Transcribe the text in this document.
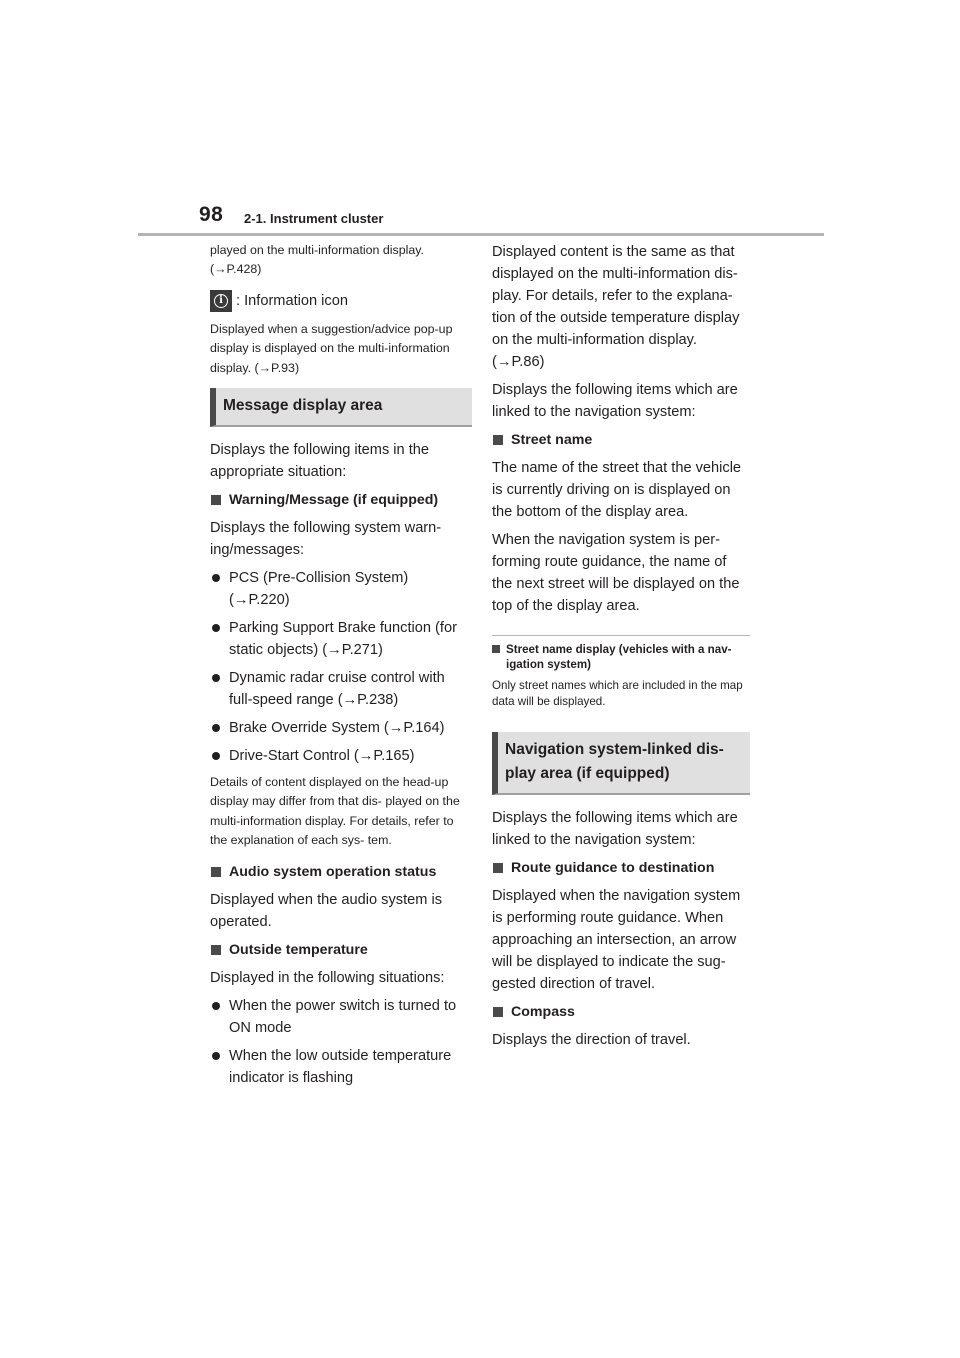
98 2-1. Instrument cluster

played on the multi-information display. (→P.428)

i : Information icon

Displayed when a suggestion/advice pop-up display is displayed on the multi-information display. (→P.93)

Message display area

Displays the following items in the appropriate situation:

Warning/Message (if equipped)

Displays the following system warn- ing/messages:

PCS (Pre-Collision System) (→P.220)
Parking Support Brake function (for static objects) (→P.271)
Dynamic radar cruise control with full-speed range (→P.238)
Brake Override System (→P.164)
Drive-Start Control (→P.165)

Details of content displayed on the head-up display may differ from that dis- played on the multi-information display. For details, refer to the explanation of each sys- tem.

Audio system operation status

Displayed when the audio system is operated.

Outside temperature

Displayed in the following situations:

When the power switch is turned to ON mode
When the low outside temperature indicator is flashing

Displayed content is the same as that displayed on the multi-information dis- play. For details, refer to the explana- tion of the outside temperature display on the multi-information display. (→P.86)

Displays the following items which are linked to the navigation system:

Street name

The name of the street that the vehicle is currently driving on is displayed on the bottom of the display area.

When the navigation system is per- forming route guidance, the name of the next street will be displayed on the top of the display area.

Street name display (vehicles with a nav- igation system)

Only street names which are included in the map data will be displayed.

Navigation system-linked dis- play area (if equipped)

Displays the following items which are linked to the navigation system:

Route guidance to destination

Displayed when the navigation system is performing route guidance. When approaching an intersection, an arrow will be displayed to indicate the sug- gested direction of travel.

Compass

Displays the direction of travel.
